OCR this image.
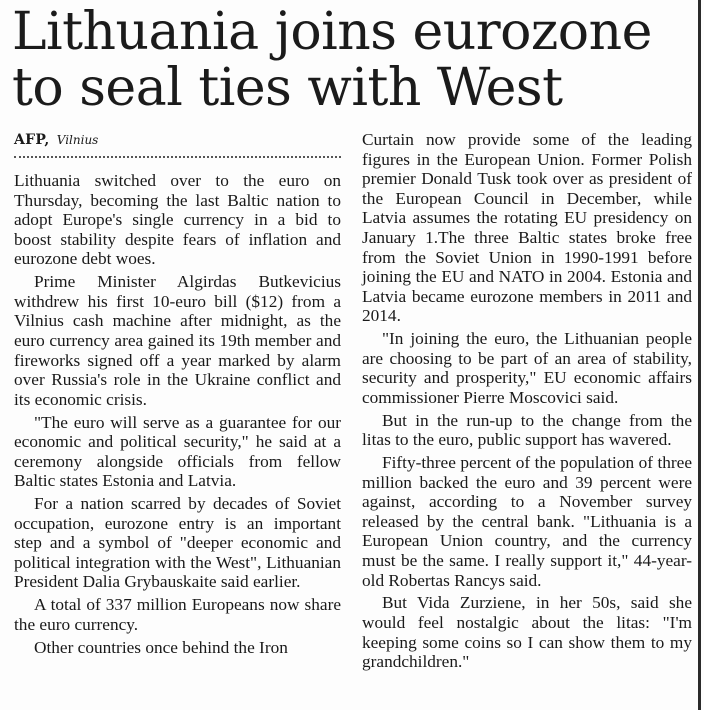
Lithuania joins eurozone
to seal ties with West
AFP, Vilnius

Lithuania switched over to the euro on Thursday, becoming the last Baltic nation to adopt Europe's single currency in a bid to boost stability despite fears of inflation and eurozone debt woes.

Prime Minister Algirdas Butkevicius withdrew his first 10-euro bill ($12) from a Vilnius cash machine after midnight, as the euro currency area gained its 19th member and fireworks signed off a year marked by alarm over Russia's role in the Ukraine conflict and its economic crisis.

"The euro will serve as a guarantee for our economic and political security," he said at a ceremony alongside officials from fellow Baltic states Estonia and Latvia.

For a nation scarred by decades of Soviet occupation, eurozone entry is an important step and a symbol of "deeper economic and political integration with the West", Lithuanian President Dalia Grybauskaite said earlier.

A total of 337 million Europeans now share the euro currency.

Other countries once behind the Iron

Curtain now provide some of the leading figures in the European Union. Former Polish premier Donald Tusk took over as president of the European Council in December, while Latvia assumes the rotating EU presidency on January 1.The three Baltic states broke free from the Soviet Union in 1990-1991 before joining the EU and NATO in 2004. Estonia and Latvia became eurozone members in 2011 and 2014.

"In joining the euro, the Lithuanian people are choosing to be part of an area of stability, security and prosperity," EU economic affairs commissioner Pierre Moscovici said.

But in the run-up to the change from the litas to the euro, public support has wavered.

Fifty-three percent of the population of three million backed the euro and 39 percent were against, according to a November survey released by the central bank. "Lithuania is a European Union country, and the currency must be the same. I really support it," 44-year-old Robertas Rancys said.

But Vida Zurziene, in her 50s, said she would feel nostalgic about the litas: "I'm keeping some coins so I can show them to my grandchildren."
